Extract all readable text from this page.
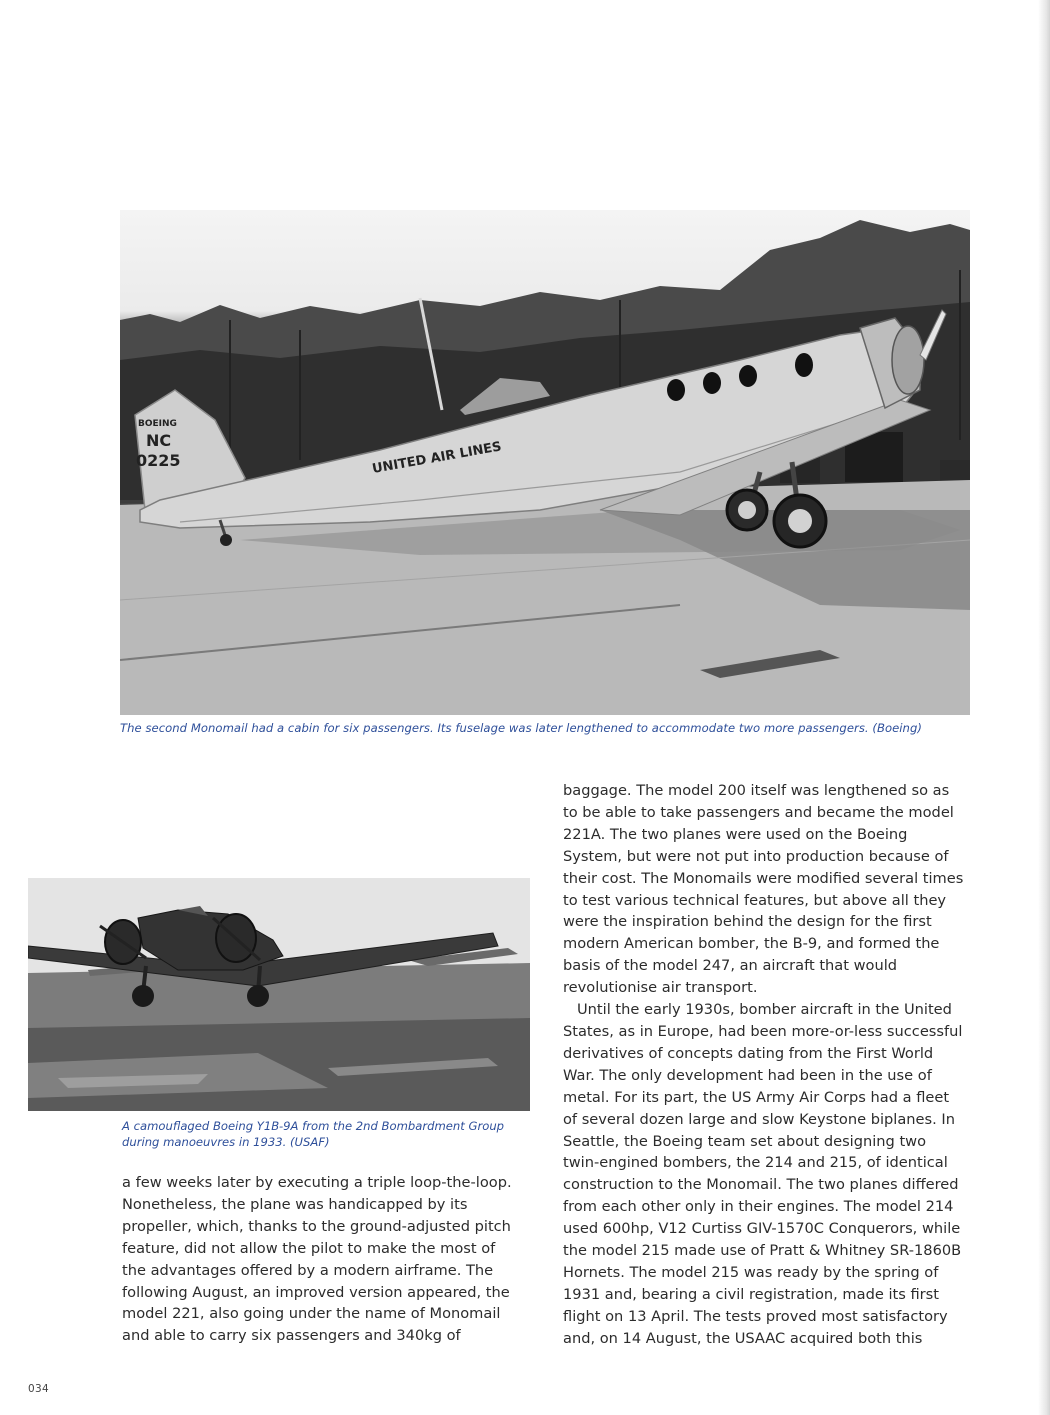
BOEING
NC
0225	UNITED AIR LINES
The second Monomail had a cabin for six passengers. Its fuselage was later lengthened to accommodate two more passengers. (Boeing)
A camouflaged Boeing Y1B-9A from the 2nd Bombardment Group
during manoeuvres in 1933. (USAF)
a few weeks later by executing a triple loop-the-loop.
Nonetheless, the plane was handicapped by its
propeller, which, thanks to the ground-adjusted pitch
feature, did not allow the pilot to make the most of
the advantages offered by a modern airframe. The
following August, an improved version appeared, the
model 221, also going under the name of Monomail
and able to carry six passengers and 340kg of
baggage. The model 200 itself was lengthened so as
to be able to take passengers and became the model
221A. The two planes were used on the Boeing
System, but were not put into production because of
their cost. The Monomails were modified several times
to test various technical features, but above all they
were the inspiration behind the design for the first
modern American bomber, the B-9, and formed the
basis of the model 247, an aircraft that would
revolutionise air transport.
Until the early 1930s, bomber aircraft in the United
States, as in Europe, had been more-or-less successful
derivatives of concepts dating from the First World
War. The only development had been in the use of
metal. For its part, the US Army Air Corps had a fleet
of several dozen large and slow Keystone biplanes. In
Seattle, the Boeing team set about designing two
twin-engined bombers, the 214 and 215, of identical
construction to the Monomail. The two planes differed
from each other only in their engines. The model 214
used 600hp, V12 Curtiss GIV-1570C Conquerors, while
the model 215 made use of Pratt & Whitney SR-1860B
Hornets. The model 215 was ready by the spring of
1931 and, bearing a civil registration, made its first
flight on 13 April. The tests proved most satisfactory
and, on 14 August, the USAAC acquired both this
034
